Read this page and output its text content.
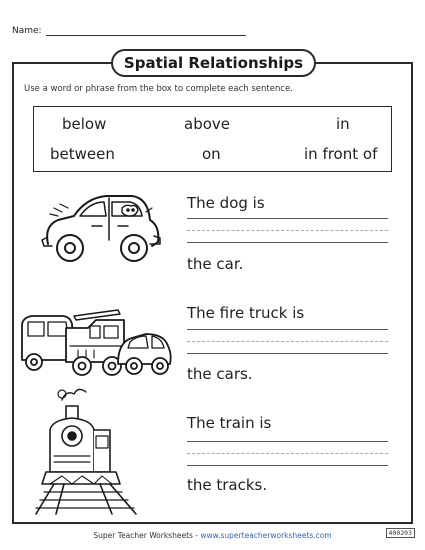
Name:
Spatial Relationships
Use a word or phrase from the box to complete each sentence.
below	above	in
between	on	in front of
The dog is
the car.
The fire truck is
the cars.
The train is
the tracks.
Super Teacher Worksheets - www.superteacherworksheets.com	400203
